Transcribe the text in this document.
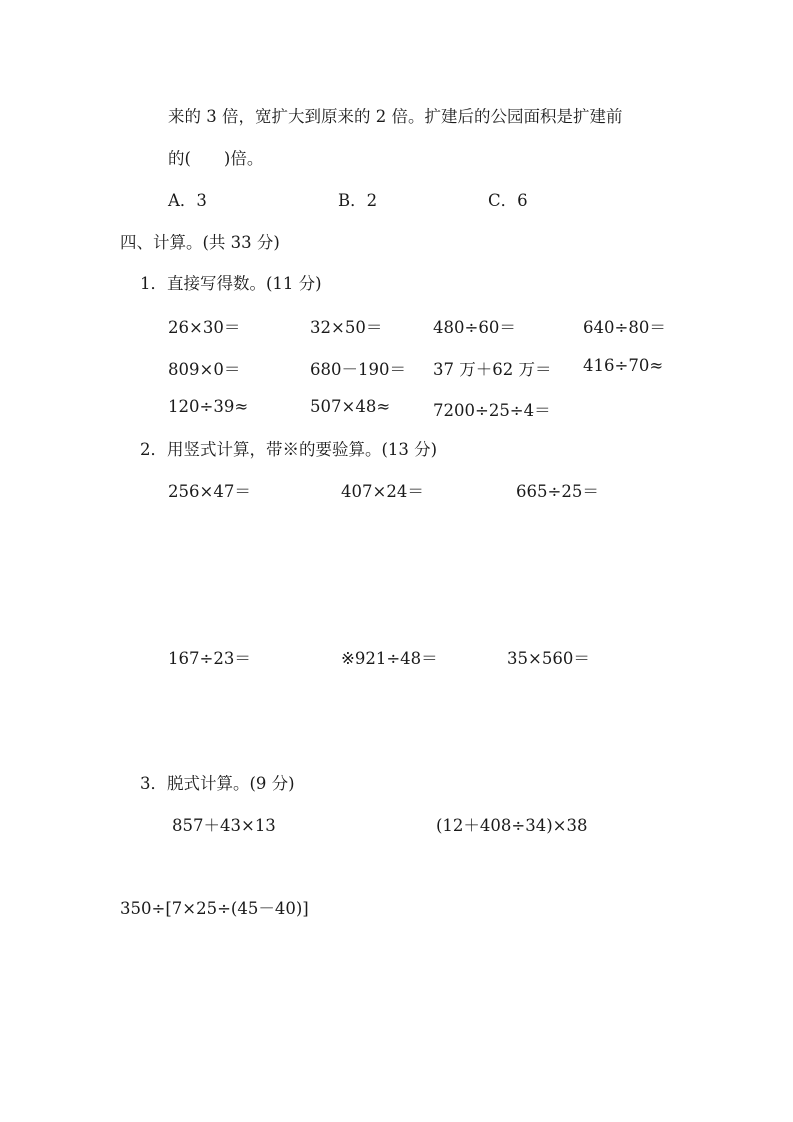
来的 3 倍，宽扩大到原来的 2 倍。扩建后的公园面积是扩建前
的(　　)倍。
A．3	B．2	C．6
四、计算。(共 33 分)
1．直接写得数。(11 分)
26×30＝	32×50＝	480÷60＝	640÷80＝
809×0＝	680－190＝ 37 万＋62 万＝ 416÷70≈
120÷39≈	507×48≈	7200÷25÷4＝
2．用竖式计算，带※的要验算。(13 分)
256×47＝	407×24＝	665÷25＝
167÷23＝	※921÷48＝	35×560＝
3．脱式计算。(9 分)
857＋43×13	(12＋408÷34)×38
350÷[7×25÷(45－40)]
